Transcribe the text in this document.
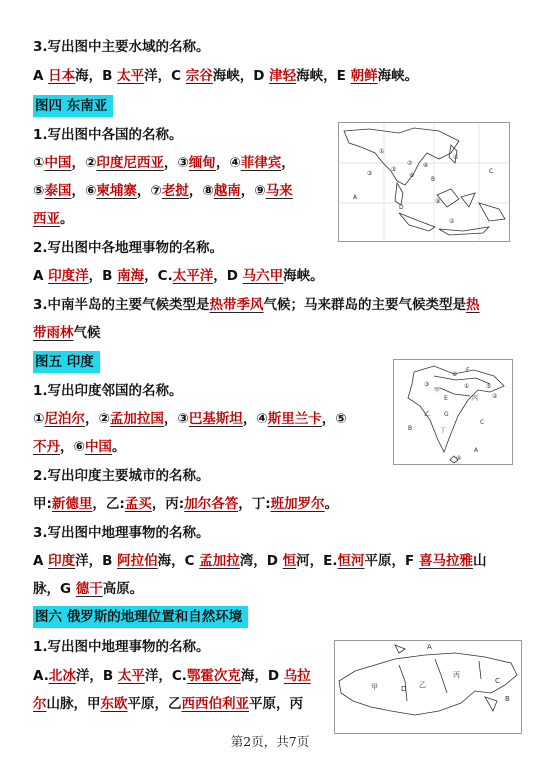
3.写出图中主要水域的名称。
A 日本海，B 太平洋，C 宗谷海峡，D 津轻海峡，E 朝鲜海峡。
图四 东南亚
1.写出图中各国的名称。
①中国，②印度尼西亚，③缅甸，④菲律宾，
⑤泰国，⑥柬埔寨，⑦老挝，⑧越南，⑨马来
西亚。
2.写出图中各地理事物的名称。
A 印度洋，B 南海，C.太平洋，D 马六甲海峡。
3.中南半岛的主要气候类型是热带季风气候；马来群岛的主要气候类型是热
带雨林气候
①
③
⑤
⑦
⑥
⑧
④
⑨
②
A
B
C
D
图五 印度
1.写出印度邻国的名称。
①尼泊尔，②孟加拉国，③巴基斯坦，④斯里兰卡，⑤
不丹，⑥中国。
2.写出印度主要城市的名称。
甲:新德里，乙:孟买，丙:加尔各答，丁:班加罗尔。
3.写出图中地理事物的名称。
A 印度洋，B 阿拉伯海，C 孟加拉湾，D 恒河，E.恒河平原，F 喜马拉雅山
脉，G 德干高原。
③
⑥
①	⑤
②
④
甲
乙
丙
丁
B
C
E
F
G
A
图六 俄罗斯的地理位置和自然环境
1.写出图中地理事物的名称。
A.北冰洋，B 太平洋，C.鄂霍次克海，D 乌拉
尔山脉，甲东欧平原，乙西西伯利亚平原，丙
A
B
C
D
甲	乙
丙
第2页，共7页
